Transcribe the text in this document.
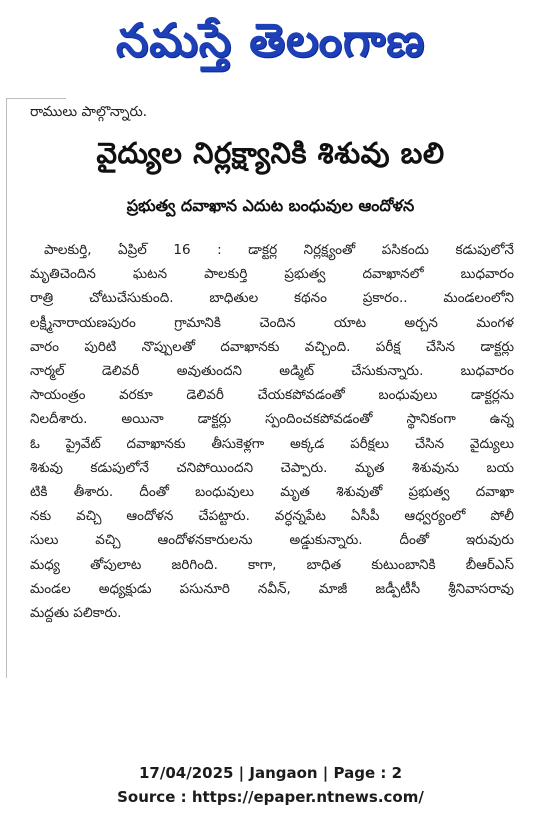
నమస్తే తెలంగాణ
రాములు పాల్గొన్నారు.
వైద్యుల నిర్లక్ష్యానికి శిశువు బలి
ప్రభుత్వ దవాఖాన ఎదుట బంధువుల ఆందోళన
పాలకుర్తి, ఏప్రిల్ 16 : డాక్టర్ల నిర్లక్ష్యంతో పసికందు కడుపులోనే
మృతిచెందిన ఘటన పాలకుర్తి ప్రభుత్వ దవాఖానలో బుధవారం
రాత్రి చోటుచేసుకుంది. బాధితుల కథనం ప్రకారం.. మండలంలోని
లక్ష్మీనారాయణపురం గ్రామానికి చెందిన యాట అర్చన మంగళ
వారం పురిటి నొప్పులతో దవాఖానకు వచ్చింది. పరీక్ష చేసిన డాక్టర్లు
నార్మల్ డెలివరీ అవుతుందని అడ్మిట్ చేసుకున్నారు. బుధవారం
సాయంత్రం వరకూ డెలివరీ చేయకపోవడంతో బంధువులు డాక్టర్లను
నిలదీశారు. అయినా డాక్టర్లు స్పందించకపోవడంతో స్థానికంగా ఉన్న
ఓ ప్రైవేట్ దవాఖానకు తీసుకెళ్లగా అక్కడ పరీక్షలు చేసిన వైద్యులు
శిశువు కడుపులోనే చనిపోయిందని చెప్పారు. మృత శిశువును బయ
టికి తీశారు. దీంతో బంధువులు మృత శిశువుతో ప్రభుత్వ దవాఖా
నకు వచ్చి ఆందోళన చేపట్టారు. వర్ధన్నపేట ఏసీపీ ఆధ్వర్యంలో పోలీ
సులు వచ్చి ఆందోళనకారులను అడ్డుకున్నారు. దీంతో ఇరువురు
మధ్య తోపులాట జరిగింది. కాగా, బాధిత కుటుంబానికి బీఆర్ఎస్
మండల అధ్యక్షుడు పసునూరి నవీన్, మాజీ జడ్పీటీసీ శ్రీనివాసరావు
మద్దతు పలికారు.
17/04/2025 | Jangaon | Page : 2
Source : https://epaper.ntnews.com/
